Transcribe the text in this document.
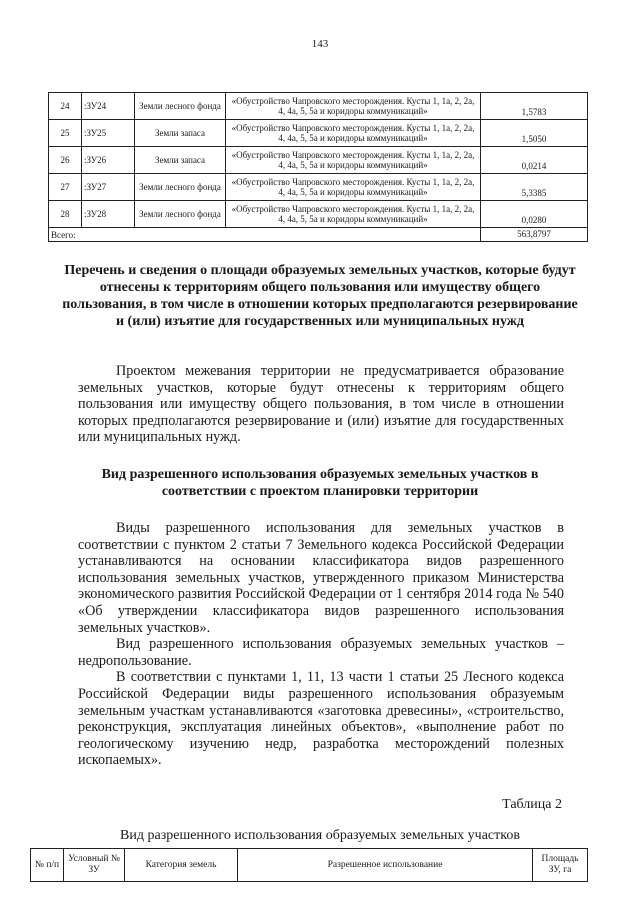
143
24	:ЗУ24	Земли лесного фонда	«Обустройство Чапровского месторождения. Кусты 1, 1а, 2, 2а, 4, 4а, 5, 5а и коридоры коммуникаций»	1,5783
25	:ЗУ25	Земли запаса	«Обустройство Чапровского месторождения. Кусты 1, 1а, 2, 2а, 4, 4а, 5, 5а и коридоры коммуникаций»	1,5050
26	:ЗУ26	Земли запаса	«Обустройство Чапровского месторождения. Кусты 1, 1а, 2, 2а, 4, 4а, 5, 5а и коридоры коммуникаций»	0,0214
27	:ЗУ27	Земли лесного фонда	«Обустройство Чапровского месторождения. Кусты 1, 1а, 2, 2а, 4, 4а, 5, 5а и коридоры коммуникаций»	5,3385
28	:ЗУ28	Земли лесного фонда	«Обустройство Чапровского месторождения. Кусты 1, 1а, 2, 2а, 4, 4а, 5, 5а и коридоры коммуникаций»	0,0280
Всего:				563,8797
Перечень и сведения о площади образуемых земельных участков, которые будут отнесены к территориям общего пользования или имуществу общего пользования, в том числе в отношении которых предполагаются резервирование и (или) изъятие для государственных или муниципальных нужд

Проектом межевания территории не предусматривается образование земельных участков, которые будут отнесены к территориям общего пользования или имуществу общего пользования, в том числе в отношении которых предполагаются резервирование и (или) изъятие для государственных или муниципальных нужд.

Вид разрешенного использования образуемых земельных участков в соответствии с проектом планировки территории

Виды разрешенного использования для земельных участков в соответствии с пунктом 2 статьи 7 Земельного кодекса Российской Федерации устанавливаются на основании классификатора видов разрешенного использования земельных участков, утвержденного приказом Министерства экономического развития Российской Федерации от 1 сентября 2014 года № 540 «Об утверждении классификатора видов разрешенного использования земельных участков».

Вид разрешенного использования образуемых земельных участков – недропользование.

В соответствии с пунктами 1, 11, 13 части 1 статьи 25 Лесного кодекса Российской Федерации виды разрешенного использования образуемым земельным участкам устанавливаются «заготовка древесины», «строительство, реконструкция, эксплуатация линейных объектов», «выполнение работ по геологическому изучению недр, разработка месторождений полезных ископаемых».

Таблица 2
Вид разрешенного использования образуемых земельных участков
№ п/п	Условный № ЗУ	Категория земель	Разрешенное использование	Площадь ЗУ, га
